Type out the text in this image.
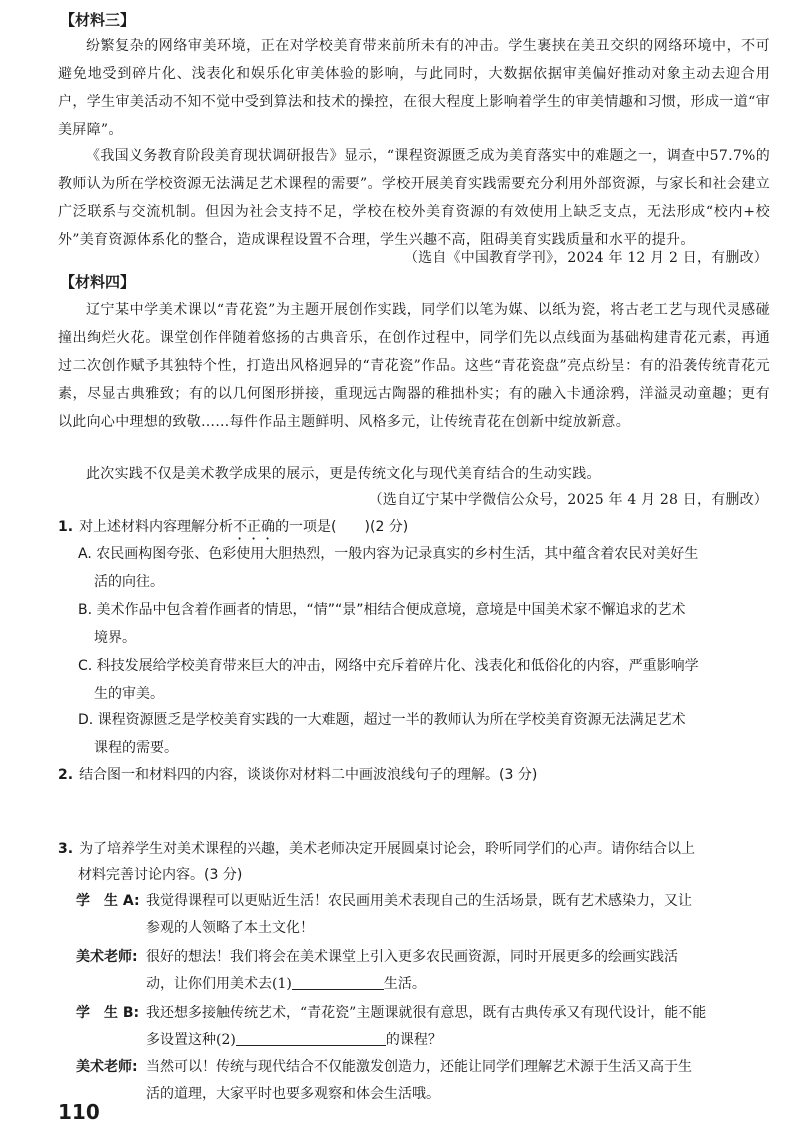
【材料三】

纷繁复杂的网络审美环境，正在对学校美育带来前所未有的冲击。学生裹挟在美丑交织的网络环境中，不可避免地受到碎片化、浅表化和娱乐化审美体验的影响，与此同时，大数据依据审美偏好推动对象主动去迎合用户，学生审美活动不知不觉中受到算法和技术的操控，在很大程度上影响着学生的审美情趣和习惯，形成一道“审美屏障”。

《我国义务教育阶段美育现状调研报告》显示，“课程资源匮乏成为美育落实中的难题之一，调查中57.7%的教师认为所在学校资源无法满足艺术课程的需要”。学校开展美育实践需要充分利用外部资源，与家长和社会建立广泛联系与交流机制。但因为社会支持不足，学校在校外美育资源的有效使用上缺乏支点，无法形成“校内+校外”美育资源体系化的整合，造成课程设置不合理，学生兴趣不高，阻碍美育实践质量和水平的提升。

（选自《中国教育学刊》，2024 年 12 月 2 日，有删改）
【材料四】

辽宁某中学美术课以“青花瓷”为主题开展创作实践，同学们以笔为媒、以纸为瓷，将古老工艺与现代灵感碰撞出绚烂火花。课堂创作伴随着悠扬的古典音乐，在创作过程中，同学们先以点线面为基础构建青花元素，再通过二次创作赋予其独特个性，打造出风格迥异的“青花瓷”作品。这些“青花瓷盘”亮点纷呈：有的沿袭传统青花元素，尽显古典雅致；有的以几何图形拼接，重现远古陶器的稚拙朴实；有的融入卡通涂鸦，洋溢灵动童趣；更有以此向心中理想的致敬……每件作品主题鲜明、风格多元，让传统青花在创新中绽放新意。

此次实践不仅是美术教学成果的展示，更是传统文化与现代美育结合的生动实践。

（选自辽宁某中学微信公众号，2025 年 4 月 28 日，有删改）
1. 对上述材料内容理解分析不正确的一项是(　　)(2 分)

A. 农民画构图夸张、色彩使用大胆热烈，一般内容为记录真实的乡村生活，其中蕴含着农民对美好生
活的向往。

B. 美术作品中包含着作画者的情思，“情”“景”相结合便成意境，意境是中国美术家不懈追求的艺术
境界。

C. 科技发展给学校美育带来巨大的冲击，网络中充斥着碎片化、浅表化和低俗化的内容，严重影响学
生的审美。

D. 课程资源匮乏是学校美育实践的一大难题，超过一半的教师认为所在学校美育资源无法满足艺术
课程的需要。

2. 结合图一和材料四的内容，谈谈你对材料二中画波浪线句子的理解。(3 分)
3. 为了培养学生对美术课程的兴趣，美术老师决定开展圆桌讨论会，聆听同学们的心声。请你结合以上
材料完善讨论内容。(3 分)
学　生 A: 我觉得课程可以更贴近生活！农民画用美术表现自己的生活场景，既有艺术感染力，又让
参观的人领略了本土文化！
美术老师: 很好的想法！我们将会在美术课堂上引入更多农民画资源，同时开展更多的绘画实践活
动，让你们用美术去(1)	生活。
学　生 B: 我还想多接触传统艺术，“青花瓷”主题课就很有意思，既有古典传承又有现代设计，能不能
多设置这种(2)	的课程？
美术老师: 当然可以！传统与现代结合不仅能激发创造力，还能让同学们理解艺术源于生活又高于生
活的道理，大家平时也要多观察和体会生活哦。
110
